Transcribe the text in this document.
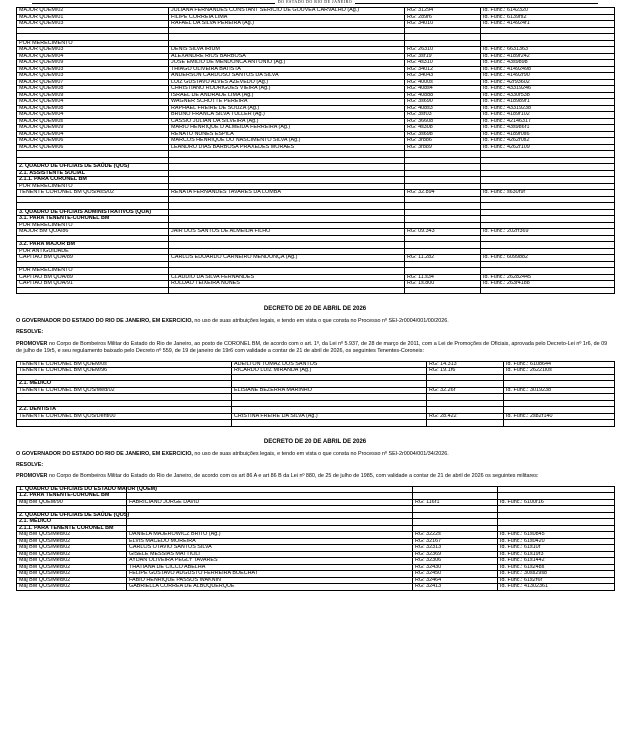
DO ESTADO DO RIO DE JANEIRO
MAJOR QOEM/02	JULIANA FERNANDES CONSTANT SERICIO DE GOUVEA CARVALHO (Ag.)	RG: 31294	Id. Func.: 6142320
MAJOR QOEM/01	FILIPE CORREIA LIMA	RG: 289r6	Id. Func.: 6139rs2
MAJOR QOEM/03	RAFAEL DA SILVA PEREIRA (Ag.)	RG: 34010	Id. Func.: 414924r1

POR MERECIMENTO			
MAJOR QOEM/03	DENIS SILVA IRIUM	RG: 26310	Id. Func.: 6631363
MAJOR QOEM/04	ALEXANDRE RIOS BARBOSA	RG: 3sr19	Id. Func.: 4189r242
MAJOR QOEM/09	JOSE EMILIO DE MENDONCA ANTONIO (Ag.)	RG: 4s310	Id. Func.: 43s9898
MAJOR QOEM/03	THIAGO OLIVEIRA BATISTA	RG: 34012	Id. Func.: 41492498
MAJOR QOEM/03	ANDERSON CARDOSO SANTOS DA SILVA	RG: 34043	Id. Func.: 41492r90
MAJOR QOEM/07	LUIZ GUSTAVO ALVES AZEVEDO (Ag.)	RG: 4000s	Id. Func.: 42r93602
MAJOR QOEM/08	CHRISTIANO RODRIGUES VIEIRA (Ag.)	RG: 408s4	Id. Func.: 43319246
MAJOR QOEM/09	ISRAEL DE ANDRADE LIMA (Ag.)	RG: 40888	Id. Func.: 4330r538
MAJOR QOEM/04	WAGNER SCHOTTE PEREIRA	RG: 3s690	Id. Func.: 418989r1
MAJOR QOEM/08	RAPHAEL FREIRE DE SOUZA (Ag.)	RG: 408s3	Id. Func.: 43319238
MAJOR QOEM/04	BRUNO FRANCA SILVA TULLER (Ag.)	RG: 3sr03	Id. Func.: 4189r102
MAJOR QOEM/0s	CASSIO JULIAN DA SILVEIRA (Ag.)	RG: 36608	Id. Func.: 42146317
MAJOR QOEM/09	MARIO HENRIQUE D ALMEIDA FERREIRA (Ag.)	RG: 4s308	Id. Func.: 43s986r1
MAJOR QOEM/04	RENATO NUNES ESPILA	RG: 3s698	Id. Func.: 4189r0s6
MAJOR QOEM/06	MARCOS HENRIQUE DO NASCIMENTO SILVA (Ag.)	RG: 3r886	Id. Func.: 4262r0s2
MAJOR QOEM/06	LEANDRO DIAS BARBOSA PRAXEDES MORAES	RG: 3r889	Id. Func.: 4262r109

2. QUADRO DE OFICIAIS DE SAÚDE (QOS)			
2.1. ASSISTENTE SOCIAL			
2.1.1. PARA CORONEL BM			
POR MERECIMENTO			
TENENTE CORONEL BM QOS/AsS/02	RENATA FERNANDES TAVARES DA LOMBA	RG: 32.894	Id. Func.: s630r9r

3. QUADRO DE OFICIAIS ADMINISTRATIVOS (QOA)			
3.1. PARA TENENTE-CORONEL BM			
POR MERECIMENTO			
MAJOR BM QOA/86	JAIR DOS SANTOS DE ALMEIDA FILHO	RG: 09.343	Id. Func.: 202rr369

3.2. PARA MAJOR BM			
POR ANTIGUIDADE			
CAPITAO BM QOA/89	CARLOS EDUARDO CARNEIRO MENDONÇA (Ag.)	RG: 11.282	Id. Func.: 6099882

POR MERECIMENTO			
CAPITAO BM QOA/89	CLAUDIO DA SILVA FERNANDES	RG: 11.s34	Id. Func.: 26282445
CAPITAO BM QOA/91	ROLDAO TEIXEIRA NUNES	RG: 1s.800	Id. Func.: 263r4188

DECRETO DE 20 DE ABRIL DE 2026

O GOVERNADOR DO ESTADO DO RIO DE JANEIRO, EM EXERCICIO, no uso de suas atribuições legais, e tendo em vista o que consta no Processo nº SEI-2r0004/001/00/2026.

RESOLVE:

PROMOVER no Corpo de Bombeiros Militar do Estado do Rio de Janeiro, ao posto de CORONEL BM, de acordo com o art. 1º, da Lei nº 5.937, de 28 de março de 2011, com a Lei de Promoções de Oficiais, aprovada pelo Decreto-Lei nº 1r6, de 09 de julho de 19r5, e seu regulamento baixado pelo Decreto nº 559, de 19 de janeiro de 19r6 com validade a contar de 21 de abril de 2026, os seguintes Tenentes-Coroneis:

TENENTE CORONEL BM QOEM/0s	ADEILTON TOMAZ DOS SANTOS	RG: 14.313	Id. Func.: 6108644
TENENTE CORONEL BM QOEM/96	RICARDO LUIZ MIRANDA (Ag.)	RG: 19.1r6	Id. Func.: 26221l0s

2.1. MÉDICO			
TENENTE CORONEL BM QOS/Méd/02	ELISIANE BEZERRA MARINHO	RG: 32.26r	Id. Func.: 3019238

2.2. DENTISTA			
TENENTE CORONEL BM QOS/Dent/00	CRISTINA FREIRE DA SILVA (Ag.)	RG: 28.422	Id. Func.: 2s82r140

DECRETO DE 20 DE ABRIL DE 2026

O GOVERNADOR DO ESTADO DO RIO DE JANEIRO, EM EXERCICIO, no uso de suas atribuições legais, e tendo em vista o que consta no Processo nº SEI-2r0004/001/34/2026.

RESOLVE:

PROMOVER no Corpo de Bombeiros Militar do Estado do Rio de Janeiro, de acordo com os art 86 A e art 86 B da Lei nº 880, de 25 de julho de 1985, com validade a contar de 21 de abril de 2026 os seguintes militares:

1. QUADRO DE OFICIAIS DO ESTADO MAIOR (QOEM)			
1.2. PARA TENENTE-CORONEL BM			
Maj BM QOEM/90	FABRICIANO JORGE DAVID	RG: 116r1	Id. Func.: 6100r16

2. QUADRO DE OFICIAIS DE SAÚDE (QOS)			
2.1. MÉDICO			
2.1.1. PARA TENENTE CORONEL BM			
Maj BM QOS/Méd/02	DANIELA MAJEROWICZ BRITO (Ag.)	RG: 3222s	Id. Func.: 61s0845
Maj BM QOS/Méd/02	ELVIS MACEDO MOREIRA	RG: 32167	Id. Func.: 61s0420
Maj BM QOS/Méd/02	CARLOS OTAVIO SANTOS SILVA	RG: 32313	Id. Func.: 61s10r
Maj BM QOS/Méd/02	GISELE MESSIAS MATTIOLI	RG: 32369	Id. Func.: 61s19r3
Maj BM QOS/Méd/02	AYDAN OLIVEIRA PEGLY TAVARES	RG: 32306	Id. Func.: 61s1442
Maj BM QOS/Méd/02	THATIANA DE CICCO ABELHA	RG: 32430	Id. Func.: 61s248s
Maj BM QOS/Méd/02	FELIPE GUSTAVO AUGUSTO FERREIRA BOECHAT	RG: 32450	Id. Func.: 30ss29s8
Maj BM QOS/Méd/02	FABIO HENRIQUE PASSOS WAKNIN	RG: 32464	Id. Func.: 61s2r6r
Maj BM QOS/Méd/02	GABRIELLA CORREA DE ALBUQUERQUE	RG: 32413	Id. Func.: 41302361
